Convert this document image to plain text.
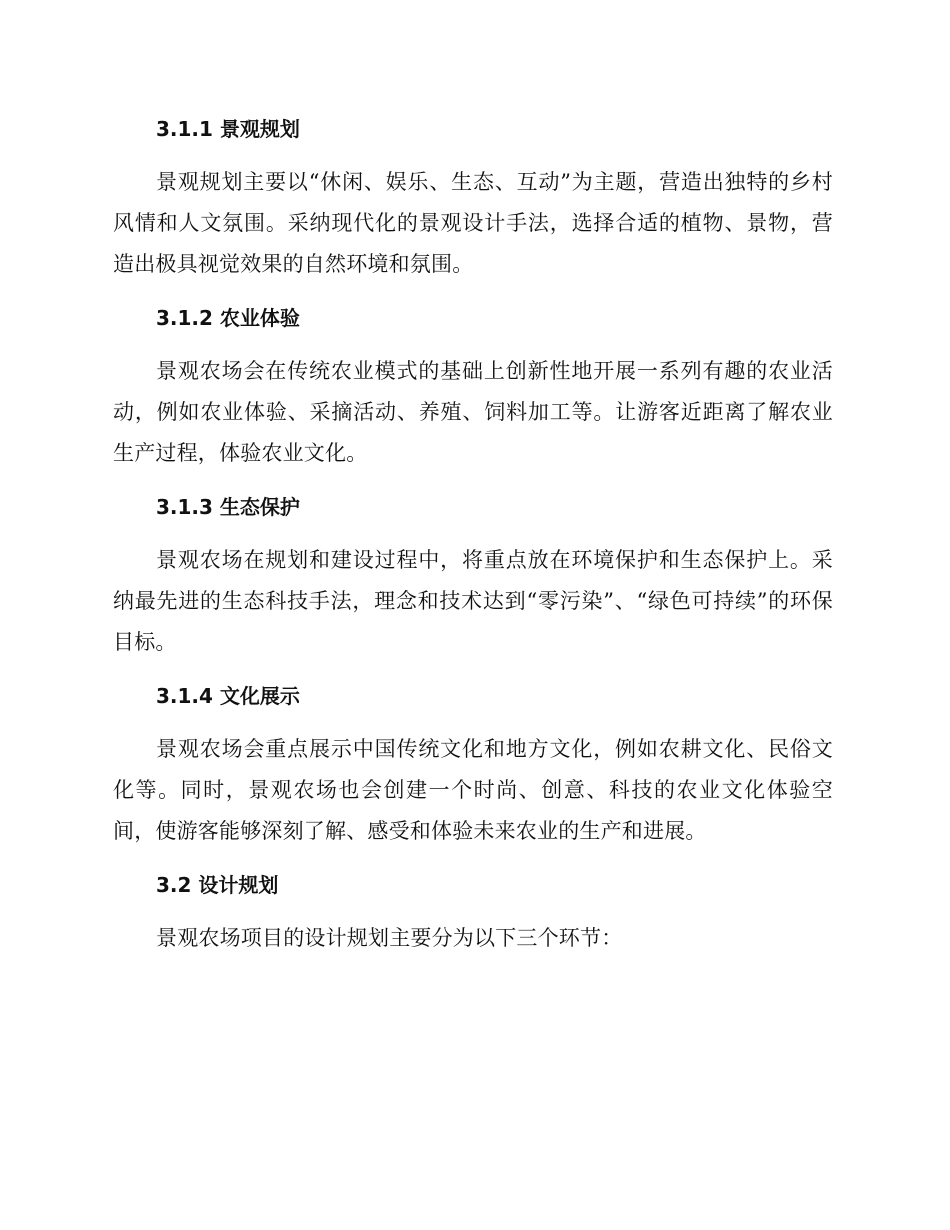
3.1.1 景观规划

景观规划主要以“休闲、娱乐、生态、互动”为主题，营造出独特的乡村风情和人文氛围。采纳现代化的景观设计手法，选择合适的植物、景物，营造出极具视觉效果的自然环境和氛围。

3.1.2 农业体验

景观农场会在传统农业模式的基础上创新性地开展一系列有趣的农业活动，例如农业体验、采摘活动、养殖、饲料加工等。让游客近距离了解农业生产过程，体验农业文化。

3.1.3 生态保护

景观农场在规划和建设过程中，将重点放在环境保护和生态保护上。采纳最先进的生态科技手法，理念和技术达到“零污染”、“绿色可持续”的环保目标。

3.1.4 文化展示

景观农场会重点展示中国传统文化和地方文化，例如农耕文化、民俗文化等。同时，景观农场也会创建一个时尚、创意、科技的农业文化体验空间，使游客能够深刻了解、感受和体验未来农业的生产和进展。

3.2 设计规划

景观农场项目的设计规划主要分为以下三个环节：
